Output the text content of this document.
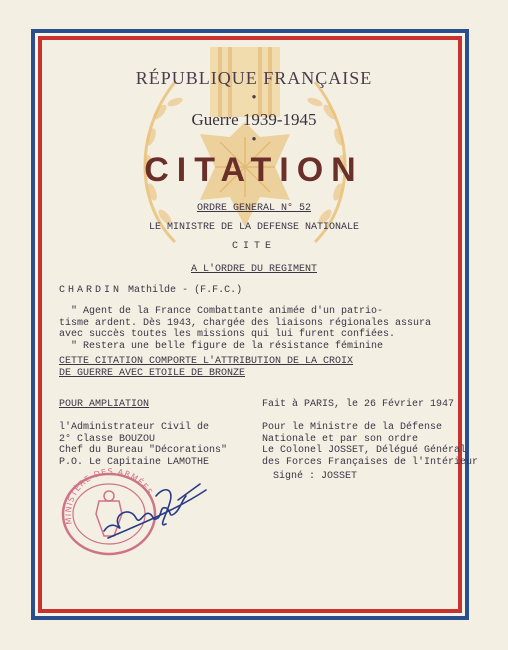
RÉPUBLIQUE FRANÇAISE
●
Guerre 1939-1945
●
CITATION
ORDRE GENERAL N° 52
LE MINISTRE DE LA DEFENSE NATIONALE
CITE
A L'ORDRE DU REGIMENT
CHARDIN Mathilde - (F.F.C.)
" Agent de la France Combattante animée d'un patrio-
tisme ardent. Dès 1943, chargée des liaisons régionales assura
avec succès toutes les missions qui lui furent confiées.
" Restera une belle figure de la résistance féminine
CETTE CITATION COMPORTE L'ATTRIBUTION DE LA CROIX
DE GUERRE AVEC ETOILE DE BRONZE
POUR AMPLIATION	Fait à PARIS, le 26 Février 1947
l'Administrateur Civil de
2° Classe BOUZOU
Chef du Bureau "Décorations"
P.O. Le Capitaine LAMOTHE
Pour le Ministre de la Défense
Nationale et par son ordre
Le Colonel JOSSET, Délégué Général
des Forces Françaises de l'Intérieur
Signé : JOSSET
MINISTÈRE DES ARMÉES
